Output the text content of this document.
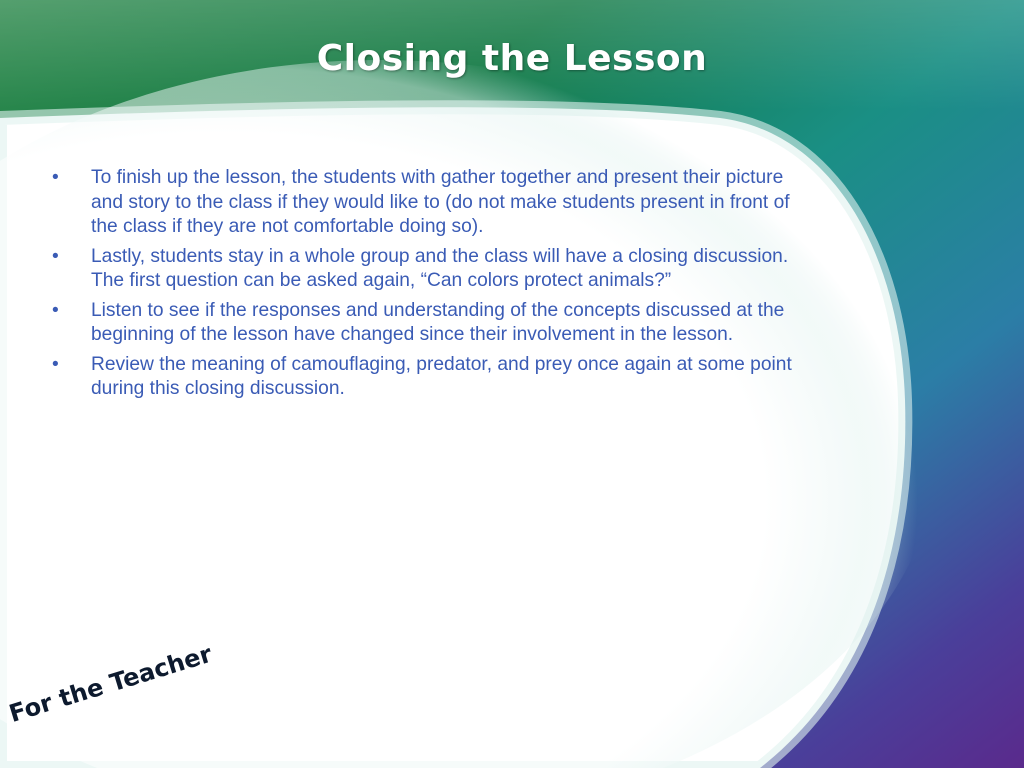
Closing the Lesson
•	To finish up the lesson, the students with gather together and present their picture and story to the class if they would like to (do not make students present in front of the class if they are not comfortable doing so).
•	Lastly, students stay in a whole group and the class will have a closing discussion. The first question can be asked again, “Can colors protect animals?”
•	Listen to see if the responses and understanding of the concepts discussed at the beginning of the lesson have changed since their involvement in the lesson.
•	Review the meaning of camouflaging, predator, and prey once again at some point during this closing discussion.
For the Teacher
